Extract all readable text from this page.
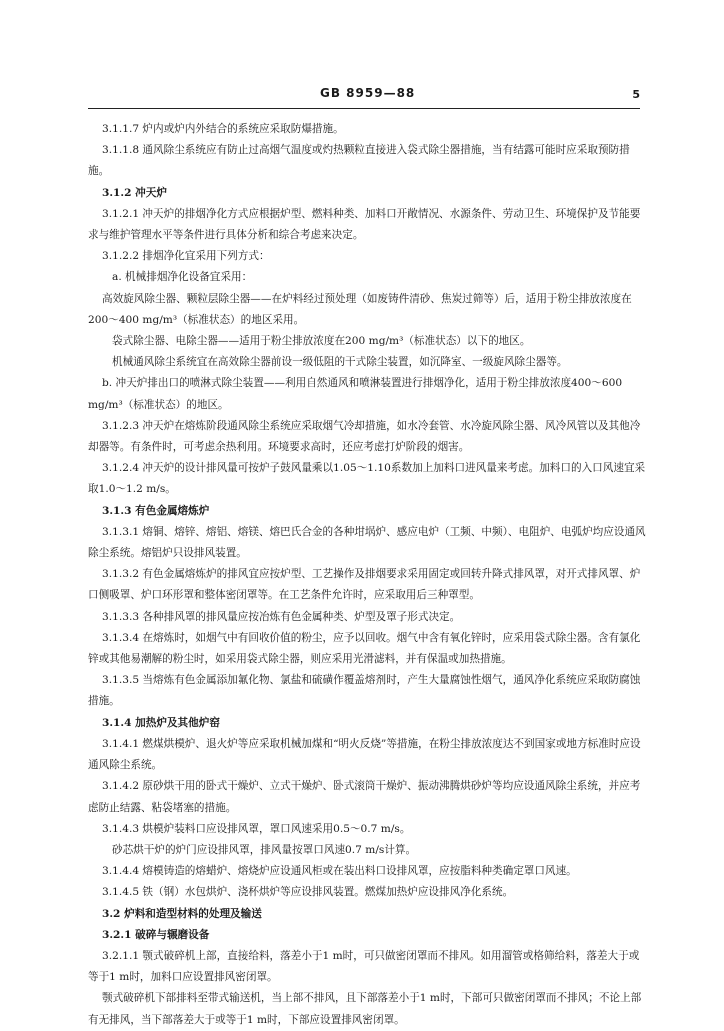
GB 8959—88	5

3.1.1.7 炉内或炉内外结合的系统应采取防爆措施。

3.1.1.8 通风除尘系统应有防止过高烟气温度或灼热颗粒直接进入袋式除尘器措施，当有结露可能时应采取预防措施。

3.1.2 冲天炉

3.1.2.1 冲天炉的排烟净化方式应根据炉型、燃料种类、加料口开敞情况、水源条件、劳动卫生、环境保护及节能要求与维护管理水平等条件进行具体分析和综合考虑来决定。

3.1.2.2 排烟净化宜采用下列方式：

a. 机械排烟净化设备宜采用：

高效旋风除尘器、颗粒层除尘器——在炉料经过预处理（如废铸件清砂、焦炭过筛等）后，适用于粉尘排放浓度在200～400 mg/m³（标准状态）的地区采用。

袋式除尘器、电除尘器——适用于粉尘排放浓度在200 mg/m³（标准状态）以下的地区。

机械通风除尘系统宜在高效除尘器前设一级低阻的干式除尘装置，如沉降室、一级旋风除尘器等。

b. 冲天炉排出口的喷淋式除尘装置——利用自然通风和喷淋装置进行排烟净化，适用于粉尘排放浓度400～600 mg/m³（标准状态）的地区。

3.1.2.3 冲天炉在熔炼阶段通风除尘系统应采取烟气冷却措施，如水冷套管、水冷旋风除尘器、风冷风管以及其他冷却器等。有条件时，可考虑余热利用。环境要求高时，还应考虑打炉阶段的烟害。

3.1.2.4 冲天炉的设计排风量可按炉子鼓风量乘以1.05～1.10系数加上加料口进风量来考虑。加料口的入口风速宜采取1.0～1.2 m/s。

3.1.3 有色金属熔炼炉

3.1.3.1 熔铜、熔锌、熔铝、熔镁、熔巴氏合金的各种坩埚炉、感应电炉（工频、中频）、电阻炉、电弧炉均应设通风除尘系统。熔铝炉只设排风装置。

3.1.3.2 有色金属熔炼炉的排风宜应按炉型、工艺操作及排烟要求采用固定或回转升降式排风罩，对开式排风罩、炉口侧吸罩、炉口环形罩和整体密闭罩等。在工艺条件允许时，应采取用后三种罩型。

3.1.3.3 各种排风罩的排风量应按冶炼有色金属种类、炉型及罩子形式决定。

3.1.3.4 在熔炼时，如烟气中有回收价值的粉尘，应予以回收。烟气中含有氧化锌时，应采用袋式除尘器。含有氯化锌或其他易潮解的粉尘时，如采用袋式除尘器，则应采用光滑滤料，并有保温或加热措施。

3.1.3.5 当熔炼有色金属添加氟化物、氯盐和硫磺作覆盖熔剂时，产生大量腐蚀性烟气，通风净化系统应采取防腐蚀措施。

3.1.4 加热炉及其他炉窑

3.1.4.1 燃煤烘模炉、退火炉等应采取机械加煤和“明火反烧”等措施，在粉尘排放浓度达不到国家或地方标准时应设通风除尘系统。

3.1.4.2 原砂烘干用的卧式干燥炉、立式干燥炉、卧式滚筒干燥炉、振动沸腾烘砂炉等均应设通风除尘系统，并应考虑防止结露、粘袋堵塞的措施。

3.1.4.3 烘模炉装料口应设排风罩，罩口风速采用0.5～0.7 m/s。

砂芯烘干炉的炉门应设排风罩，排风量按罩口风速0.7 m/s计算。

3.1.4.4 熔模铸造的熔蜡炉、熔烧炉应设通风柜或在装出料口设排风罩，应按脂料种类确定罩口风速。

3.1.4.5 铁（钢）水包烘炉、浇杯烘炉等应设排风装置。燃煤加热炉应设排风净化系统。

3.2 炉料和造型材料的处理及输送

3.2.1 破碎与辗磨设备

3.2.1.1 颚式破碎机上部，直接给料，落差小于1 m时，可只做密闭罩而不排风。如用溜管或格筛给料，落差大于或等于1 m时，加料口应设置排风密闭罩。

颚式破碎机下部排料至带式输送机，当上部不排风，且下部落差小于1 m时，下部可只做密闭罩而不排风；不论上部有无排风，当下部落差大于或等于1 m时，下部应设置排风密闭罩。
